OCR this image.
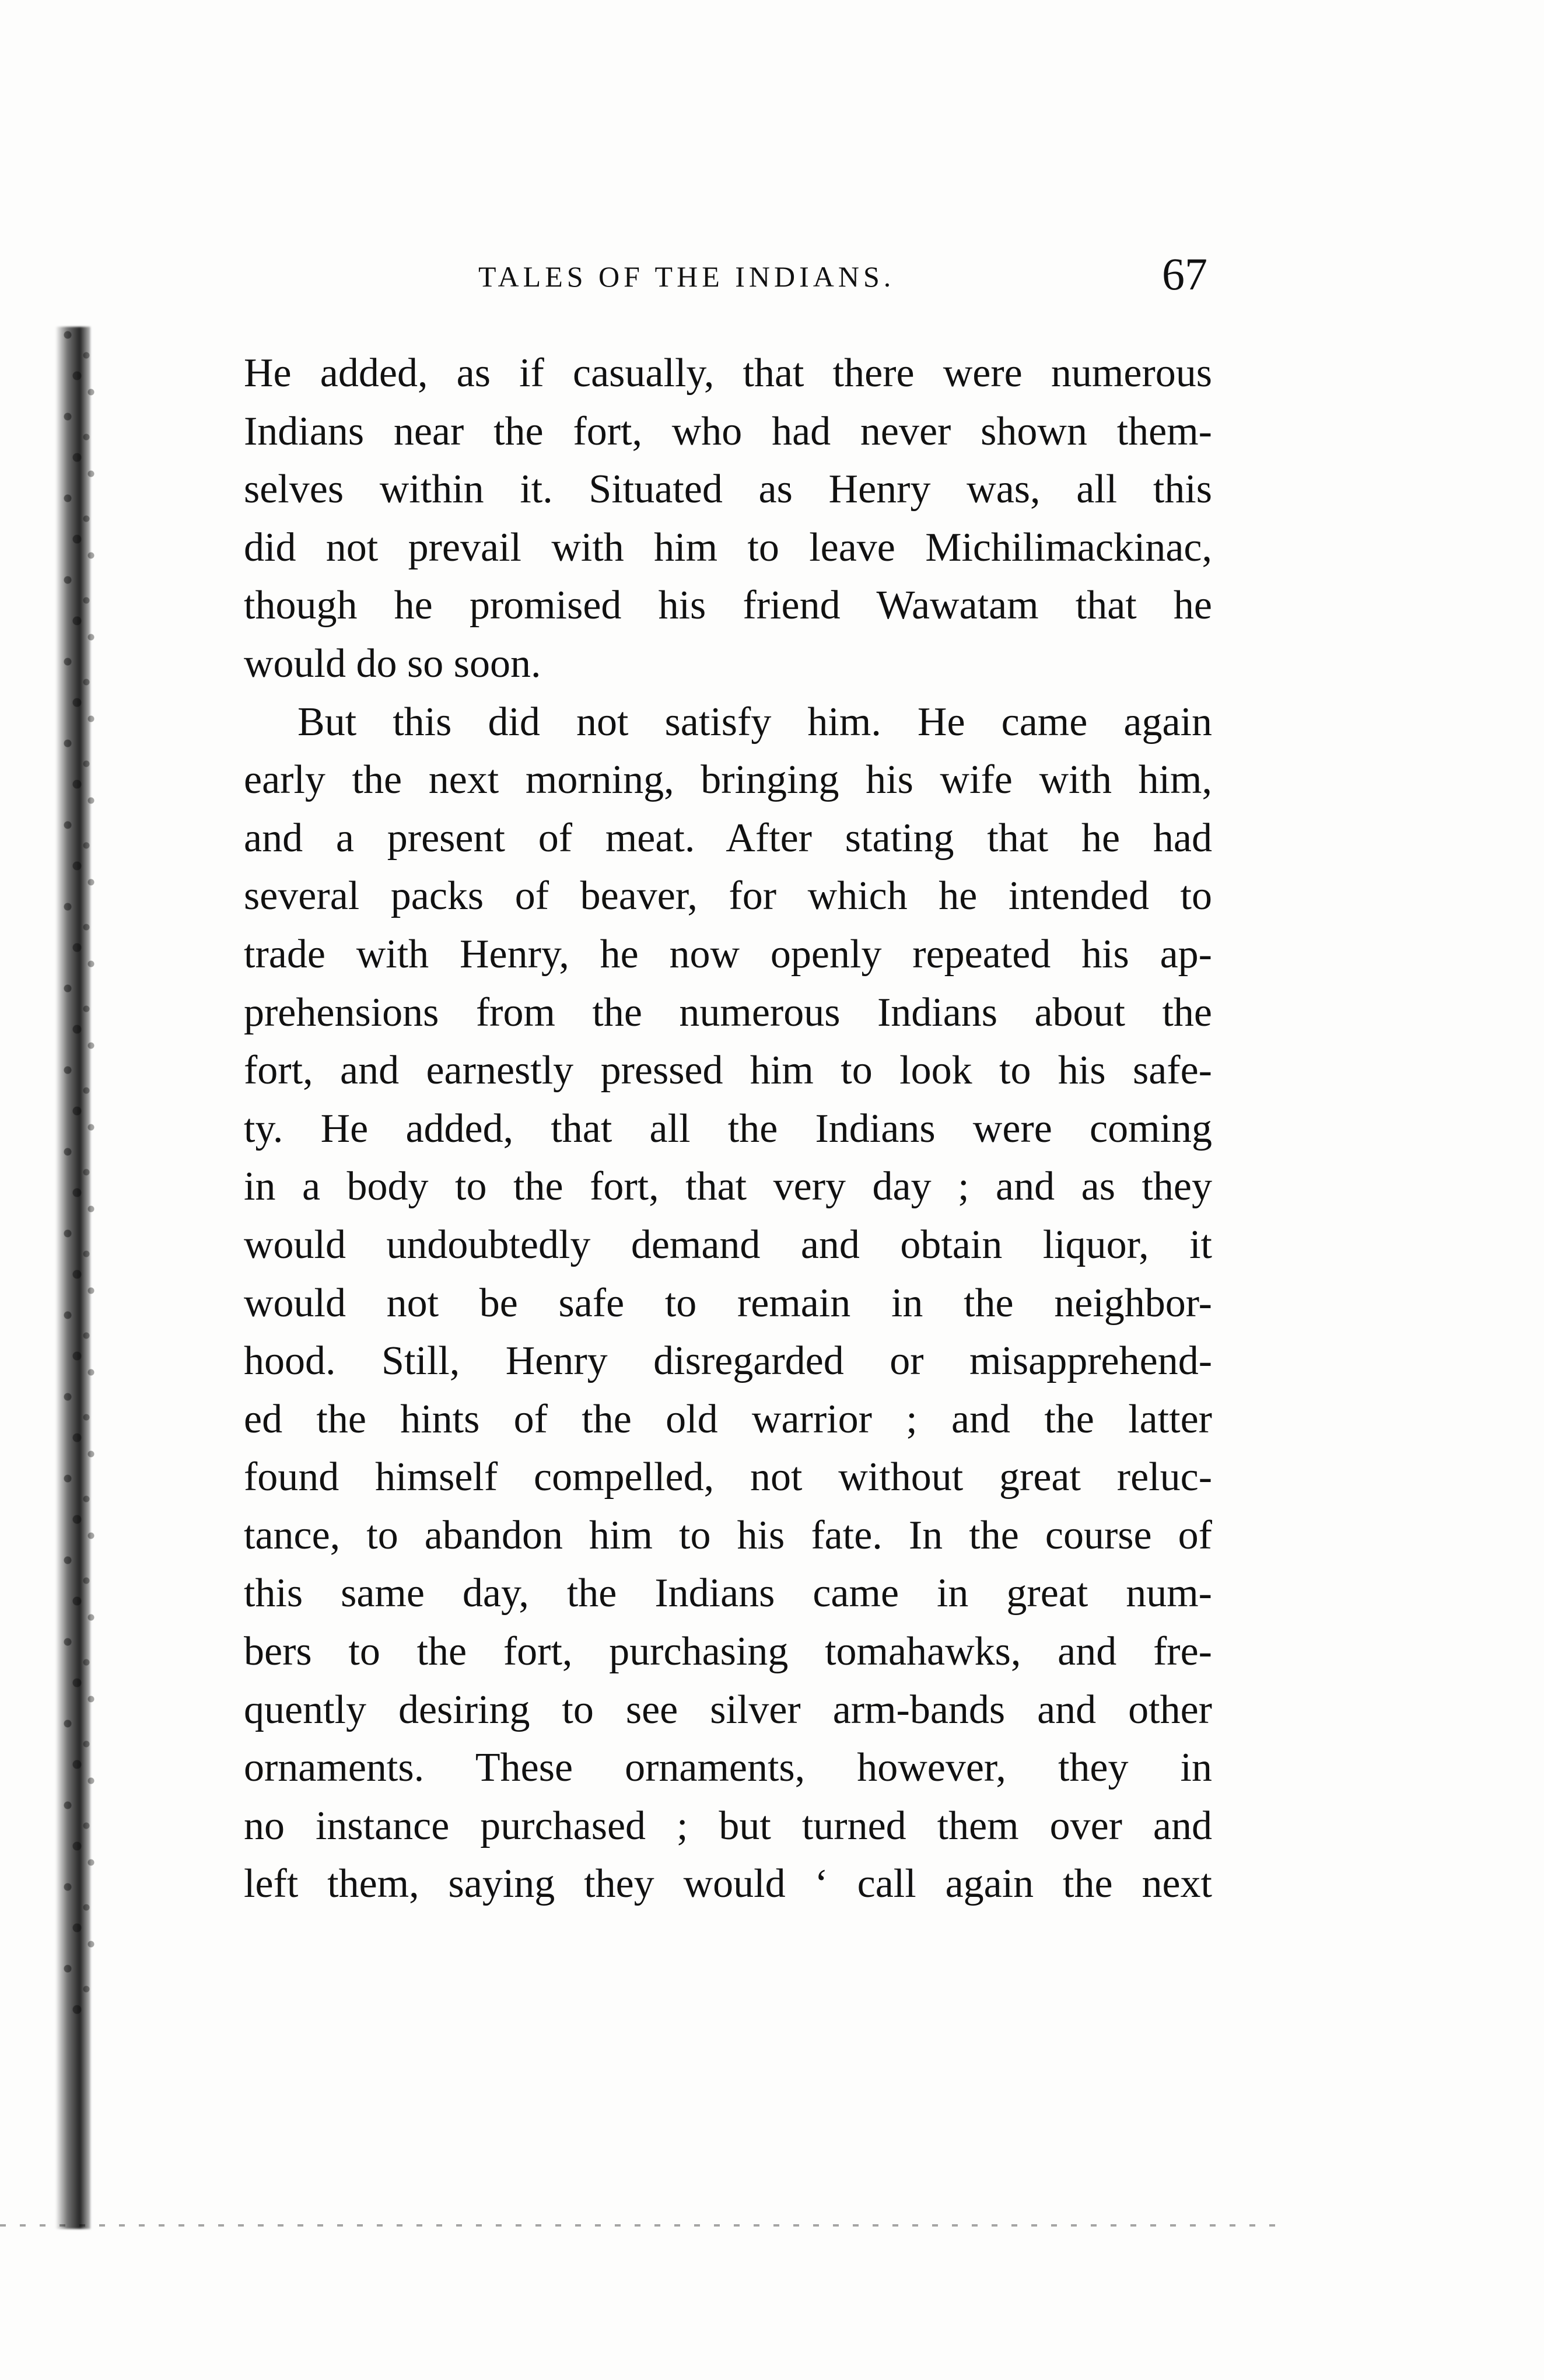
TALES OF THE INDIANS.	67
He added, as if casually, that there were numerous
Indians near the fort, who had never shown them-
selves within it. Situated as Henry was, all this
did not prevail with him to leave Michilimackinac,
though he promised his friend Wawatam that he
would do so soon.
But this did not satisfy him. He came again
early the next morning, bringing his wife with him,
and a present of meat. After stating that he had
several packs of beaver, for which he intended to
trade with Henry, he now openly repeated his ap-
prehensions from the numerous Indians about the
fort, and earnestly pressed him to look to his safe-
ty. He added, that all the Indians were coming
in a body to the fort, that very day ; and as they
would undoubtedly demand and obtain liquor, it
would not be safe to remain in the neighbor-
hood. Still, Henry disregarded or misapprehend-
ed the hints of the old warrior ; and the latter
found himself compelled, not without great reluc-
tance, to abandon him to his fate. In the course of
this same day, the Indians came in great num-
bers to the fort, purchasing tomahawks, and fre-
quently desiring to see silver arm-bands and other
ornaments. These ornaments, however, they in
no instance purchased ; but turned them over and
left them, saying they would ‘ call again the next
